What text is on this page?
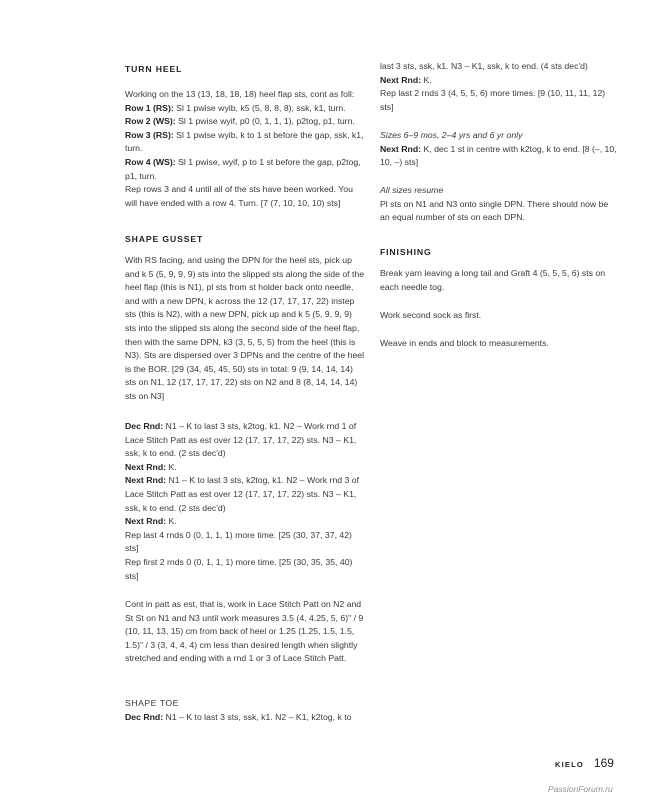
TURN HEEL

Working on the 13 (13, 18, 18, 18) heel flap sts, cont as foll:

Row 1 (RS): Sl 1 pwise wyib, k5 (5, 8, 8, 8), ssk, k1, turn.

Row 2 (WS): Sl 1 pwise wyif, p0 (0, 1, 1, 1), p2tog, p1, turn.

Row 3 (RS): Sl 1 pwise wyib, k to 1 st before the gap, ssk, k1, turn.

Row 4 (WS): Sl 1 pwise, wyif, p to 1 st before the gap, p2tog, p1, turn.

Rep rows 3 and 4 until all of the sts have been worked. You will have ended with a row 4. Turn. [7 (7, 10, 10, 10) sts]

SHAPE GUSSET

With RS facing, and using the DPN for the heel sts, pick up and k 5 (5, 9, 9, 9) sts into the slipped sts along the side of the heel flap (this is N1), pl sts from st holder back onto needle, and with a new DPN, k across the 12 (17, 17, 17, 22) instep sts (this is N2), with a new DPN, pick up and k 5 (5, 9, 9, 9) sts into the slipped sts along the second side of the heel flap, then with the same DPN, k3 (3, 5, 5, 5) from the heel (this is N3). Sts are dispersed over 3 DPNs and the centre of the heel is the BOR. [29 (34, 45, 45, 50) sts in total: 9 (9, 14, 14, 14) sts on N1, 12 (17, 17, 17, 22) sts on N2 and 8 (8, 14, 14, 14) sts on N3]

Dec Rnd: N1 – K to last 3 sts, k2tog, k1. N2 – Work rnd 1 of Lace Stitch Patt as est over 12 (17, 17, 17, 22) sts. N3 – K1, ssk, k to end. (2 sts dec'd)

Next Rnd: K.

Next Rnd: N1 – K to last 3 sts, k2tog, k1. N2 – Work rnd 3 of Lace Stitch Patt as est over 12 (17, 17, 17, 22) sts. N3 – K1, ssk, k to end. (2 sts dec'd)

Next Rnd: K.

Rep last 4 rnds 0 (0, 1, 1, 1) more time. [25 (30, 37, 37, 42) sts]

Rep first 2 rnds 0 (0, 1, 1, 1) more time. [25 (30, 35, 35, 40) sts]

Cont in patt as est, that is, work in Lace Stitch Patt on N2 and St St on N1 and N3 until work measures 3.5 (4, 4.25, 5, 6)" / 9 (10, 11, 13, 15) cm from back of heel or 1.25 (1.25, 1.5, 1.5, 1.5)" / 3 (3, 4, 4, 4) cm less than desired length when slightly stretched and ending with a rnd 1 or 3 of Lace Stitch Patt.

SHAPE TOE

Dec Rnd: N1 – K to last 3 sts, ssk, k1. N2 – K1, k2tog, k to

last 3 sts, ssk, k1. N3 – K1, ssk, k to end. (4 sts dec'd)

Next Rnd: K.

Rep last 2 rnds 3 (4, 5, 5, 6) more times. [9 (10, 11, 11, 12) sts]

Sizes 6–9 mos, 2–4 yrs and 6 yr only

Next Rnd: K, dec 1 st in centre with k2tog, k to end. [8 (–, 10, 10, –) sts]

All sizes resume

Pl sts on N1 and N3 onto single DPN. There should now be an equal number of sts on each DPN.

FINISHING

Break yarn leaving a long tail and Graft 4 (5, 5, 5, 6) sts on each needle tog.

Work second sock as first.

Weave in ends and block to measurements.

KIELO 169
PassionForum.ru
